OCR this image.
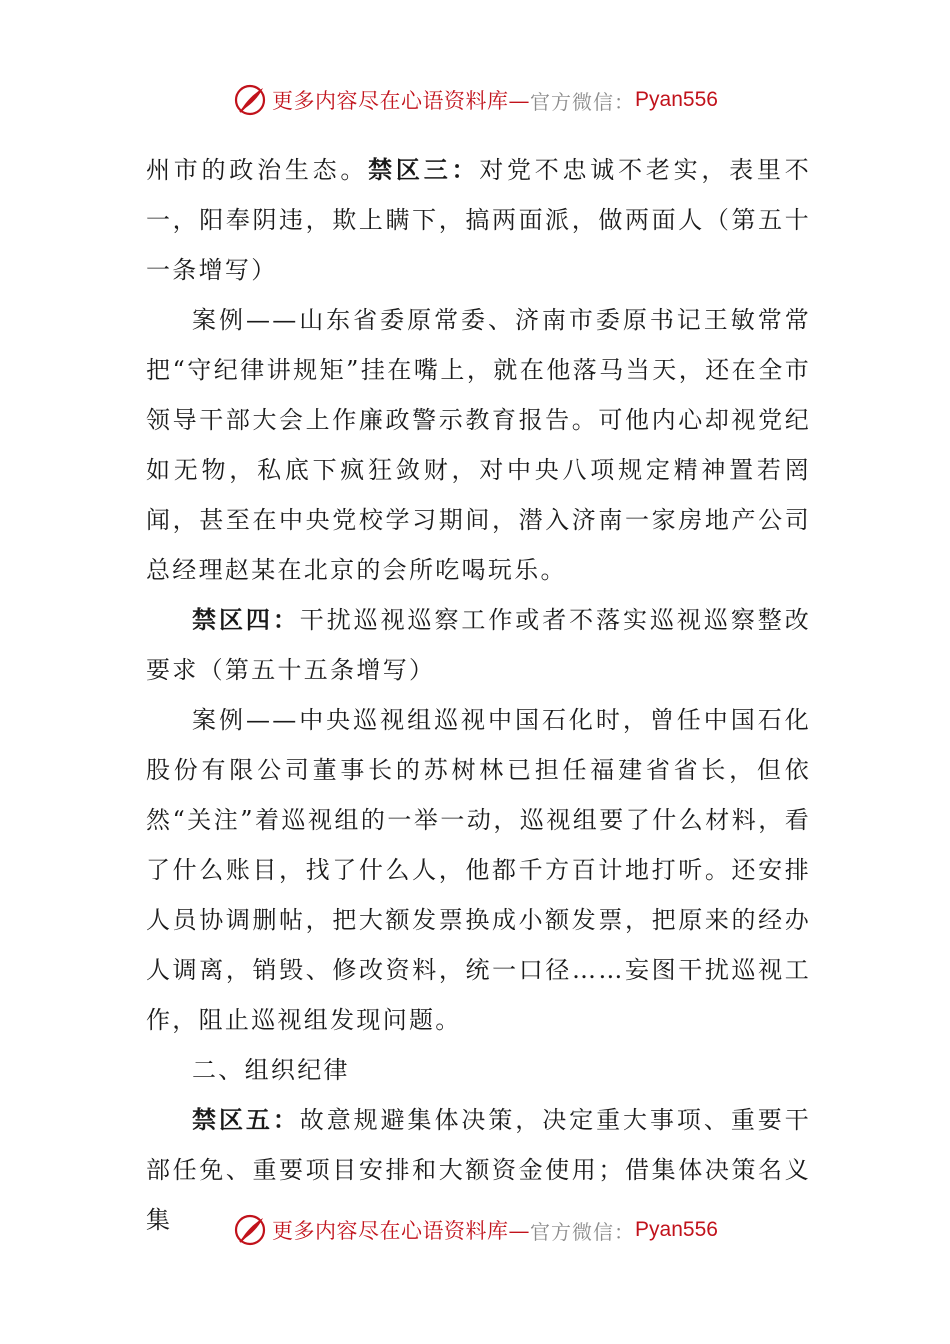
更多内容尽在心语资料库— 官方微信： Pyan556

州市的政治生态。禁区三：对党不忠诚不老实，表里不一，阳奉阴违，欺上瞒下，搞两面派，做两面人（第五十一条增写）

案例——山东省委原常委、济南市委原书记王敏常常把“守纪律讲规矩”挂在嘴上，就在他落马当天，还在全市领导干部大会上作廉政警示教育报告。可他内心却视党纪如无物，私底下疯狂敛财，对中央八项规定精神置若罔闻，甚至在中央党校学习期间，潜入济南一家房地产公司总经理赵某在北京的会所吃喝玩乐。

禁区四：干扰巡视巡察工作或者不落实巡视巡察整改要求（第五十五条增写）

案例——中央巡视组巡视中国石化时，曾任中国石化股份有限公司董事长的苏树林已担任福建省省长，但依然“关注”着巡视组的一举一动，巡视组要了什么材料，看了什么账目，找了什么人，他都千方百计地打听。还安排人员协调删帖，把大额发票换成小额发票，把原来的经办人调离，销毁、修改资料，统一口径……妄图干扰巡视工作，阻止巡视组发现问题。

二、组织纪律

禁区五：故意规避集体决策，决定重大事项、重要干部任免、重要项目安排和大额资金使用；借集体决策名义集	更多内容尽在心语资料库— 官方微信： Pyan556
